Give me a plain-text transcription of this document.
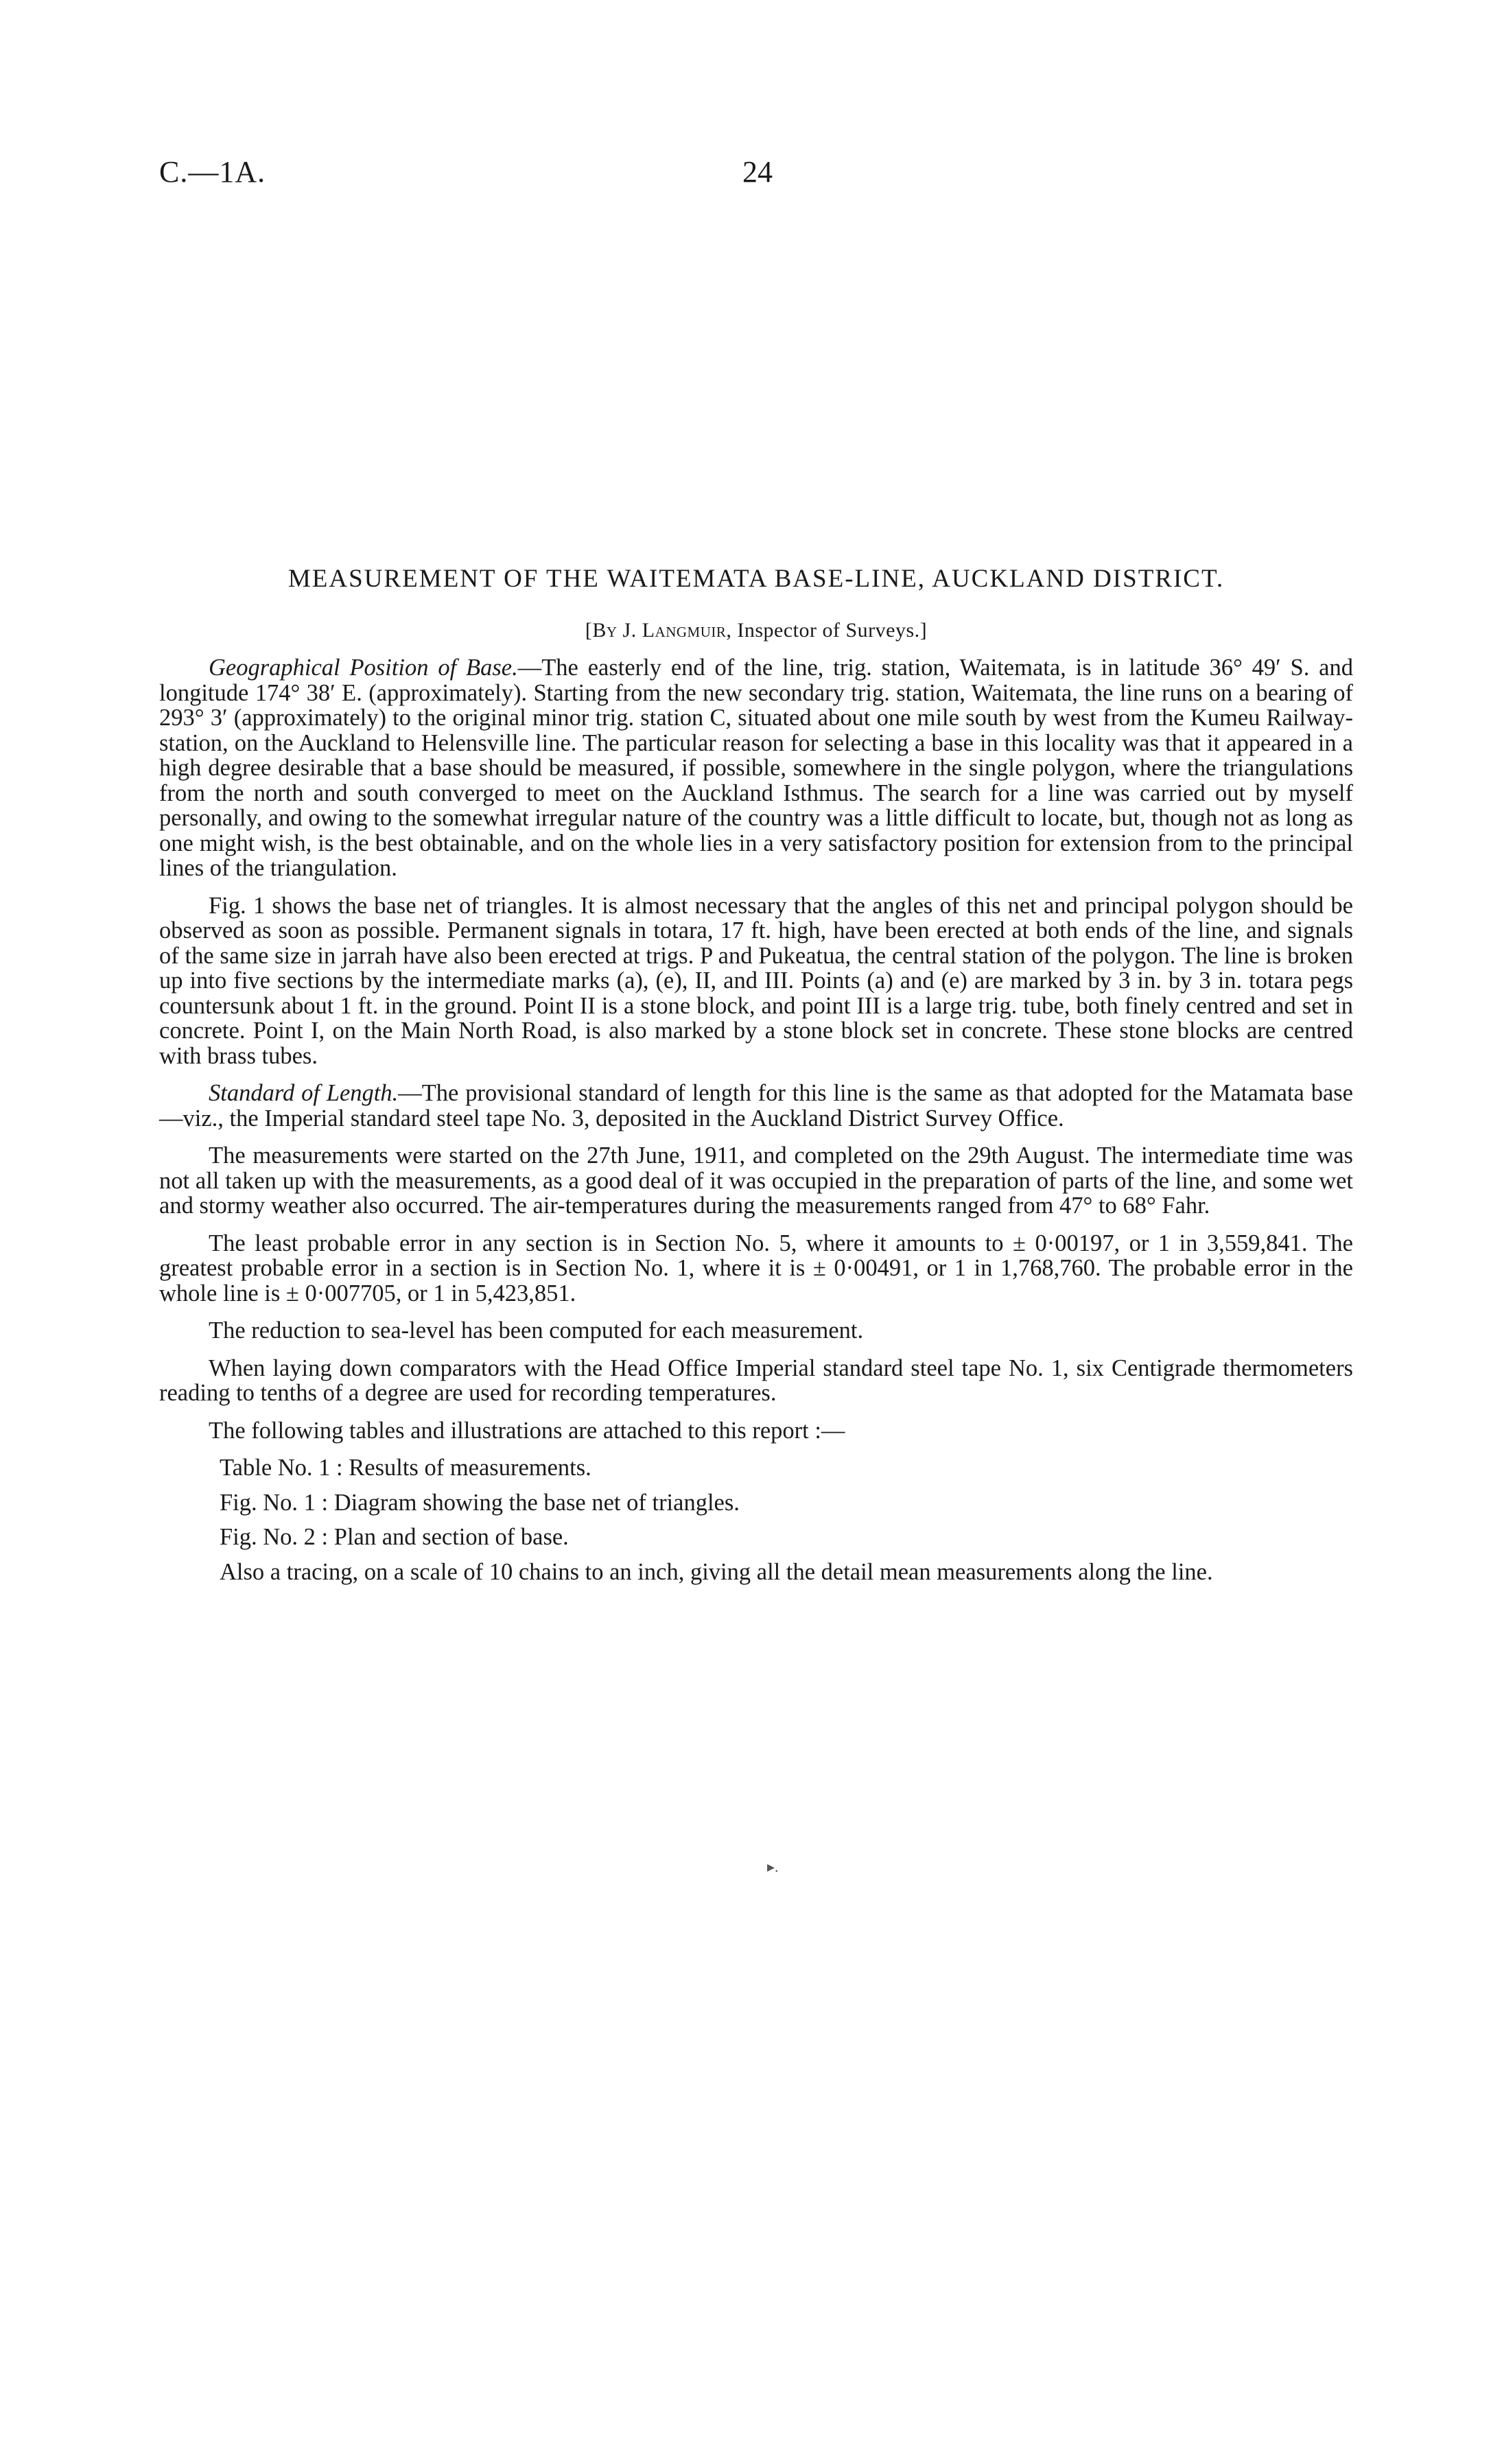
C.—1A.	24
MEASUREMENT OF THE WAITEMATA BASE-LINE, AUCKLAND DISTRICT.
[By J. Langmuir, Inspector of Surveys.]

Geographical Position of Base.—The easterly end of the line, trig. station, Waitemata, is in latitude 36° 49′ S. and longitude 174° 38′ E. (approximately). Starting from the new secondary trig. station, Waitemata, the line runs on a bearing of 293° 3′ (approximately) to the original minor trig. station C, situated about one mile south by west from the Kumeu Railway-station, on the Auckland to Helensville line. The particular reason for selecting a base in this locality was that it appeared in a high degree desirable that a base should be measured, if possible, somewhere in the single polygon, where the triangulations from the north and south converged to meet on the Auckland Isthmus. The search for a line was carried out by myself personally, and owing to the somewhat irregular nature of the country was a little difficult to locate, but, though not as long as one might wish, is the best obtainable, and on the whole lies in a very satisfactory position for extension from to the principal lines of the triangulation.

Fig. 1 shows the base net of triangles. It is almost necessary that the angles of this net and principal polygon should be observed as soon as possible. Permanent signals in totara, 17 ft. high, have been erected at both ends of the line, and signals of the same size in jarrah have also been erected at trigs. P and Pukeatua, the central station of the polygon. The line is broken up into five sections by the intermediate marks (a), (e), II, and III. Points (a) and (e) are marked by 3 in. by 3 in. totara pegs countersunk about 1 ft. in the ground. Point II is a stone block, and point III is a large trig. tube, both finely centred and set in concrete. Point I, on the Main North Road, is also marked by a stone block set in concrete. These stone blocks are centred with brass tubes.

Standard of Length.—The provisional standard of length for this line is the same as that adopted for the Matamata base—viz., the Imperial standard steel tape No. 3, deposited in the Auckland District Survey Office.

The measurements were started on the 27th June, 1911, and completed on the 29th August. The intermediate time was not all taken up with the measurements, as a good deal of it was occupied in the preparation of parts of the line, and some wet and stormy weather also occurred. The air-temperatures during the measurements ranged from 47° to 68° Fahr.

The least probable error in any section is in Section No. 5, where it amounts to ± 0·00197, or 1 in 3,559,841. The greatest probable error in a section is in Section No. 1, where it is ± 0·00491, or 1 in 1,768,760. The probable error in the whole line is ± 0·007705, or 1 in 5,423,851.

The reduction to sea-level has been computed for each measurement.

When laying down comparators with the Head Office Imperial standard steel tape No. 1, six Centigrade thermometers reading to tenths of a degree are used for recording temperatures.

The following tables and illustrations are attached to this report :—

Table No. 1 : Results of measurements.
Fig. No. 1 : Diagram showing the base net of triangles.
Fig. No. 2 : Plan and section of base.
Also a tracing, on a scale of 10 chains to an inch, giving all the detail mean measurements along the line.
▸.
